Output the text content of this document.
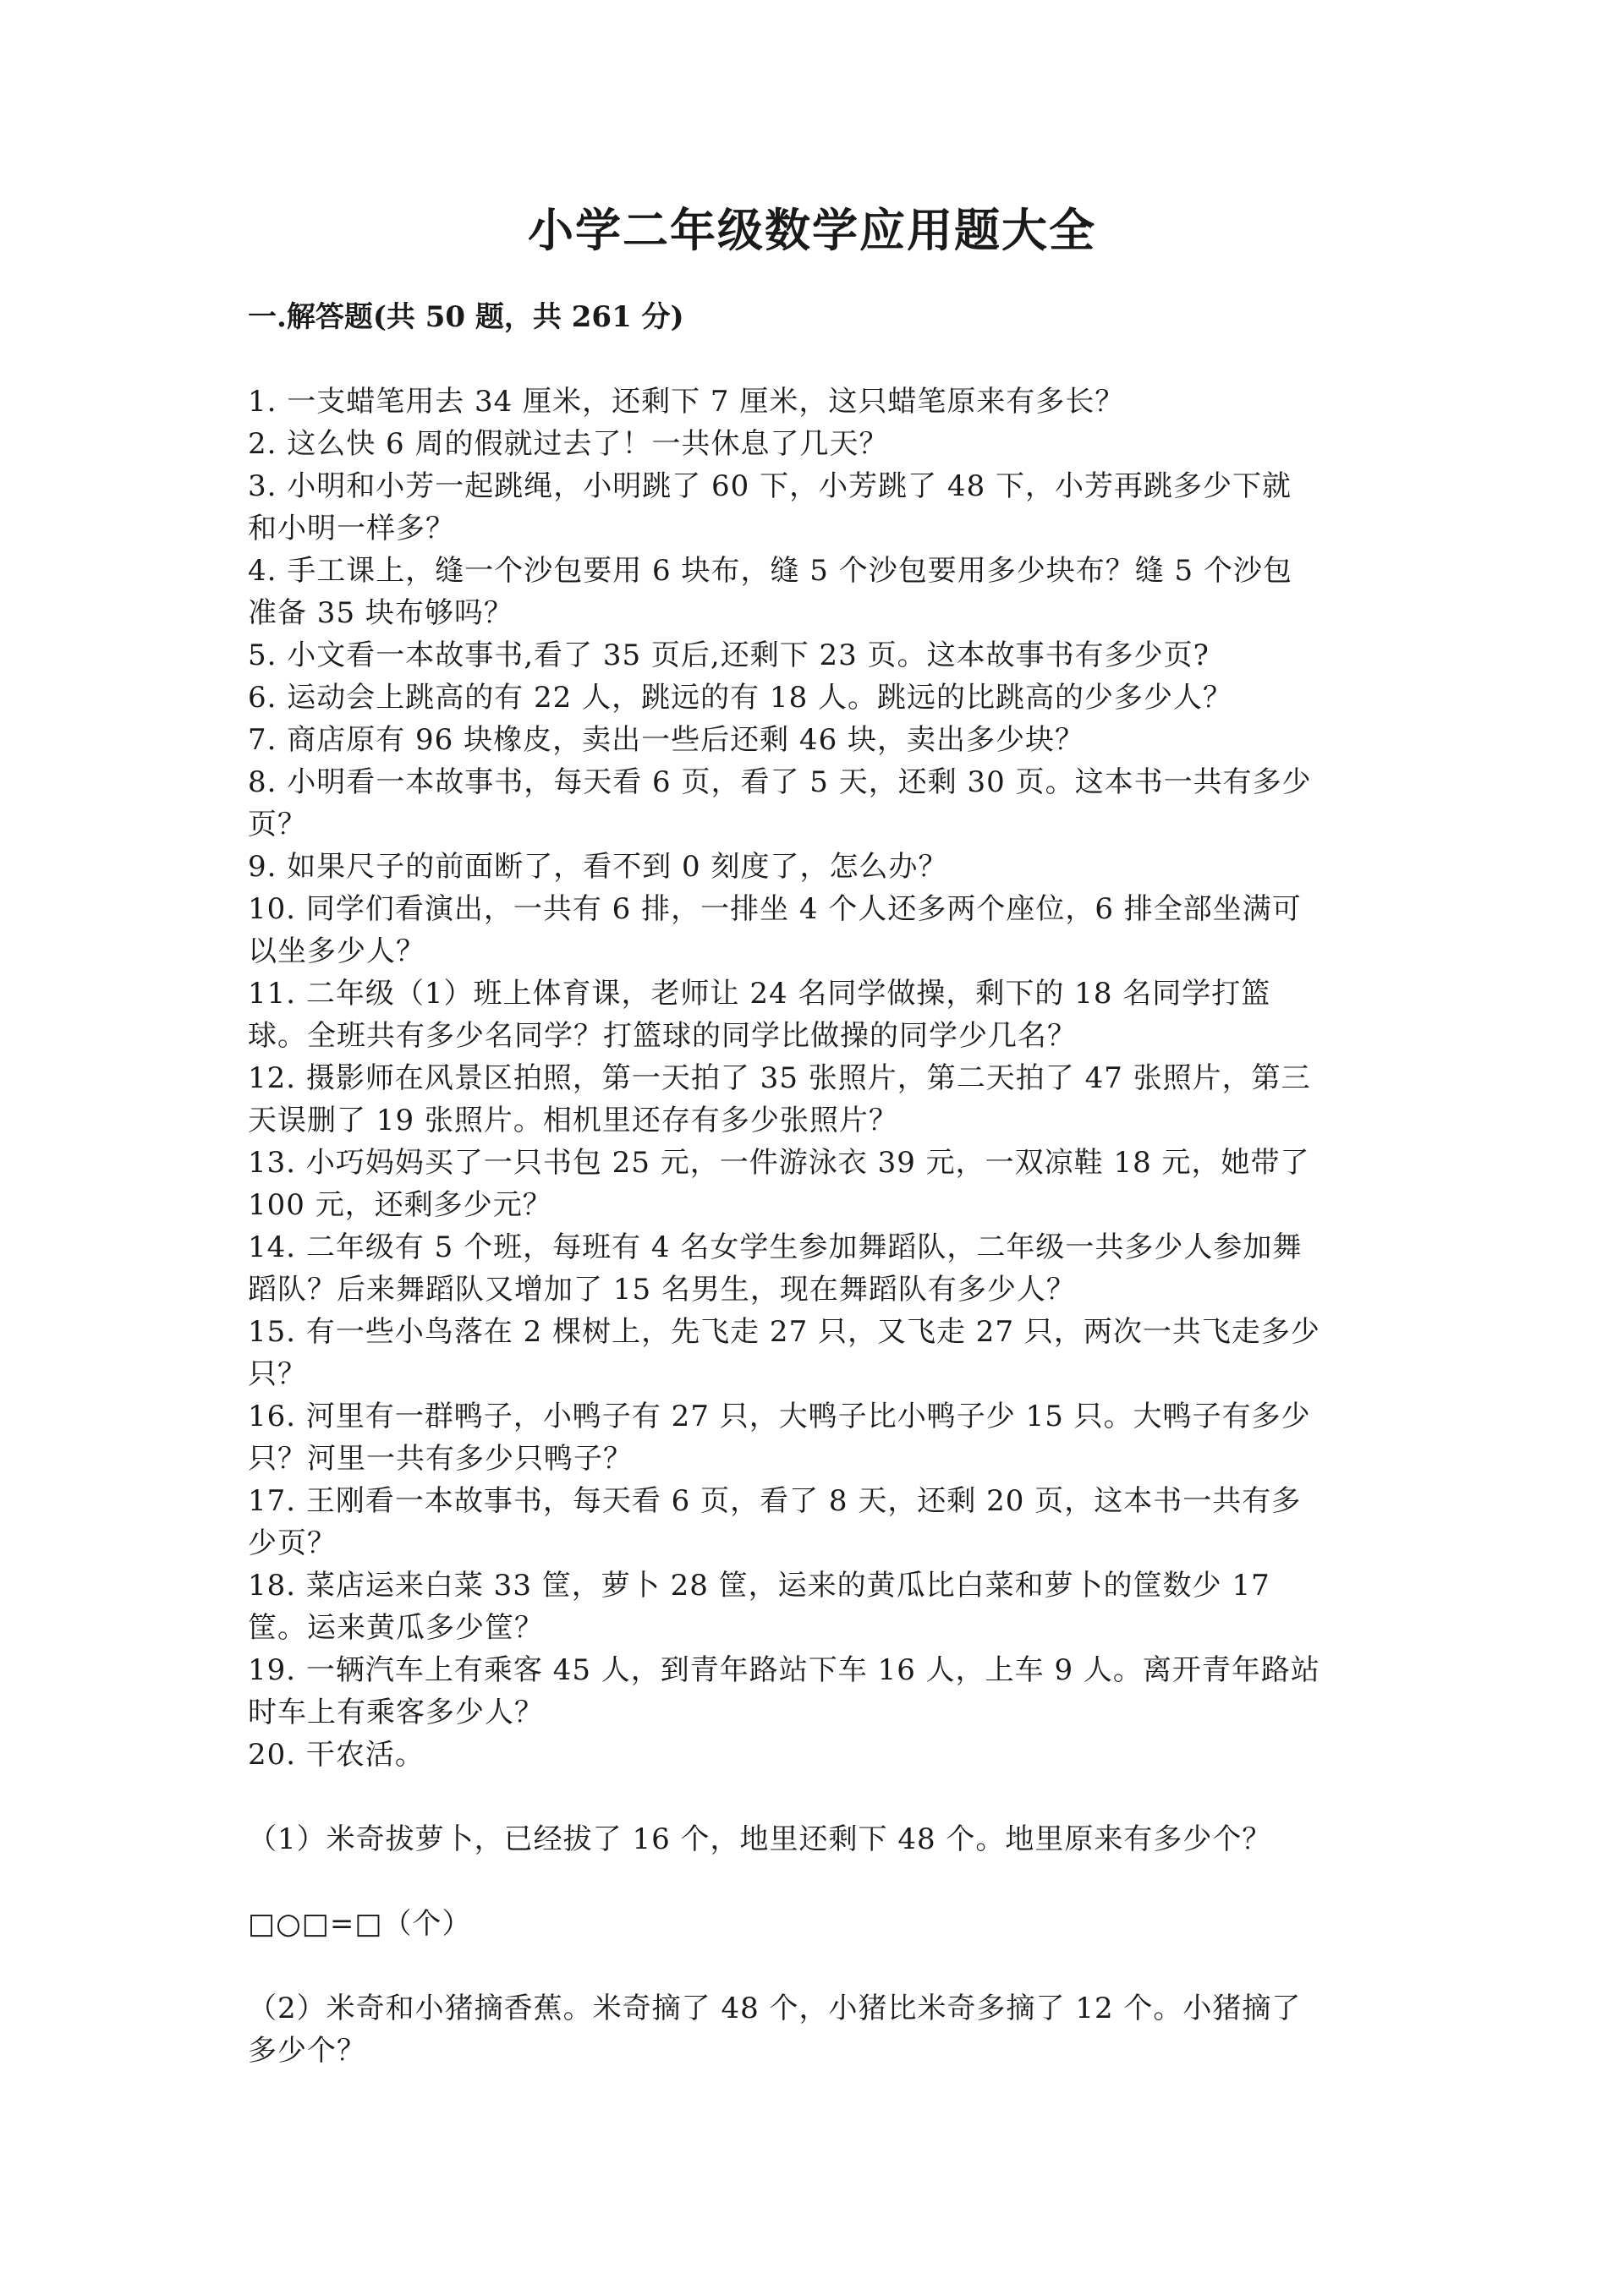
小学二年级数学应用题大全
一.解答题(共 50 题，共 261 分)
1. 一支蜡笔用去 34 厘米，还剩下 7 厘米，这只蜡笔原来有多长？
2. 这么快 6 周的假就过去了！一共休息了几天？
3. 小明和小芳一起跳绳，小明跳了 60 下，小芳跳了 48 下，小芳再跳多少下就
和小明一样多？
4. 手工课上，缝一个沙包要用 6 块布，缝 5 个沙包要用多少块布？缝 5 个沙包
准备 35 块布够吗？
5. 小文看一本故事书,看了 35 页后,还剩下 23 页。这本故事书有多少页?
6. 运动会上跳高的有 22 人，跳远的有 18 人。跳远的比跳高的少多少人？
7. 商店原有 96 块橡皮，卖出一些后还剩 46 块，卖出多少块？
8. 小明看一本故事书，每天看 6 页，看了 5 天，还剩 30 页。这本书一共有多少
页？
9. 如果尺子的前面断了，看不到 0 刻度了，怎么办？
10. 同学们看演出，一共有 6 排，一排坐 4 个人还多两个座位，6 排全部坐满可
以坐多少人？
11. 二年级（1）班上体育课，老师让 24 名同学做操，剩下的 18 名同学打篮
球。全班共有多少名同学？打篮球的同学比做操的同学少几名？
12. 摄影师在风景区拍照，第一天拍了 35 张照片，第二天拍了 47 张照片，第三
天误删了 19 张照片。相机里还存有多少张照片？
13. 小巧妈妈买了一只书包 25 元，一件游泳衣 39 元，一双凉鞋 18 元，她带了
100 元，还剩多少元？
14. 二年级有 5 个班，每班有 4 名女学生参加舞蹈队，二年级一共多少人参加舞
蹈队？后来舞蹈队又增加了 15 名男生，现在舞蹈队有多少人？
15. 有一些小鸟落在 2 棵树上，先飞走 27 只，又飞走 27 只，两次一共飞走多少
只？
16. 河里有一群鸭子，小鸭子有 27 只，大鸭子比小鸭子少 15 只。大鸭子有多少
只？河里一共有多少只鸭子？
17. 王刚看一本故事书，每天看 6 页，看了 8 天，还剩 20 页，这本书一共有多
少页？
18. 菜店运来白菜 33 筐，萝卜 28 筐，运来的黄瓜比白菜和萝卜的筐数少 17
筐。运来黄瓜多少筐？
19. 一辆汽车上有乘客 45 人，到青年路站下车 16 人，上车 9 人。离开青年路站
时车上有乘客多少人？
20. 干农活。
（1）米奇拔萝卜，已经拔了 16 个，地里还剩下 48 个。地里原来有多少个？
□○□=□（个）
（2）米奇和小猪摘香蕉。米奇摘了 48 个，小猪比米奇多摘了 12 个。小猪摘了
多少个？
